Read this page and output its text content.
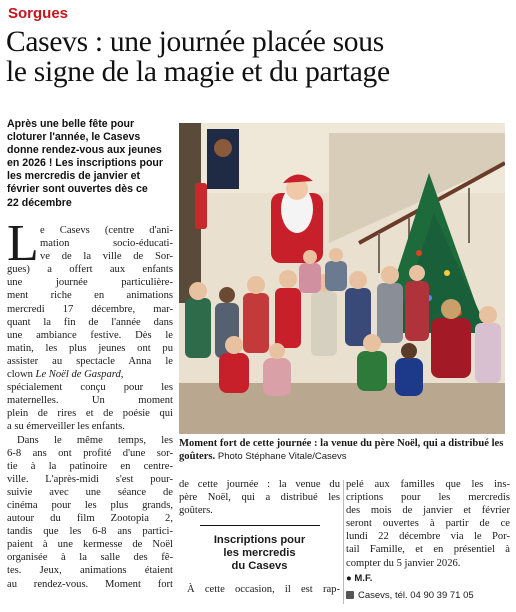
Sorgues
Casevs : une journée placée sous
le signe de la magie et du partage
Après une belle fête pour
cloturer l'année, le Casevs
donne rendez-vous aux jeunes
en 2026 ! Les inscriptions pour
les mercredis de janvier et
février sont ouvertes dès ce
22 décembre
L e Casevs (centre d'ani-
mation socio-éducati-
ve de la ville de Sor-
gues) a offert aux enfants
une journée particulière-
ment riche en animations
mercredi 17 décembre, mar-
quant la fin de l'année dans
une ambiance festive. Dès le
matin, les plus jeunes ont pu
assister au spectacle Anna le
clown Le Noël de Gaspard,
spécialement conçu pour les
maternelles. Un moment
plein de rires et de poésie qui
a su émerveiller les enfants.
Dans le même temps, les
6-8 ans ont profité d'une sor-
tie à la patinoire en centre-
ville. L'après-midi s'est pour-
suivie avec une séance de
cinéma pour les plus grands,
autour du film Zootopia 2,
tandis que les 6-8 ans partici-
paient à une kermesse de Noël
organisée à la salle des fê-
tes. Jeux, animations étaient
au rendez-vous. Moment fort
Moment fort de cette journée : la venue du père Noël, qui a distribué les goûters. Photo Stéphane Vitale/Casevs
de cette journée : la venue du
père Noël, qui a distribué les
goûters.
Inscriptions pour
les mercredis
du Casevs
À cette occasion, il est rap-
pelé aux familles que les ins-
criptions pour les mercredis
des mois de janvier et février
seront ouvertes à partir de ce
lundi 22 décembre via le Por-
tail Famille, et en présentiel à
compter du 5 janvier 2026.
● M.F.
Casevs, tél. 04 90 39 71 05
